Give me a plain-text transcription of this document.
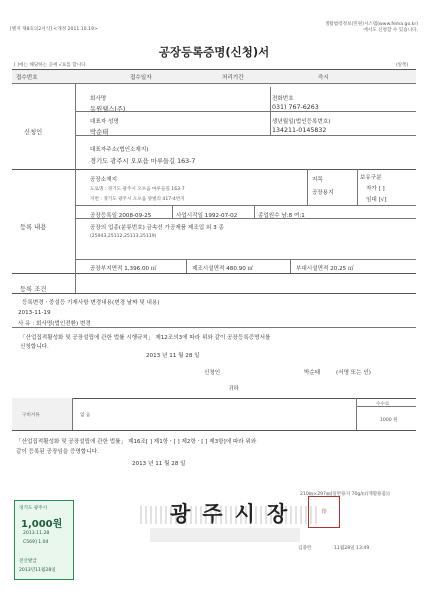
[별지 제8호의2서식] <개정 2011.10.19>
생활법령정보(민원)시스템(www.fema.go.kr)
에서도 신청할 수 있습니다.
공장등록증명(신청)서
[ ]에는 해당하는 곳에 √표를 합니다.	(앞쪽)
접수번호	접수일자	처리기간	즉시
신청인
회사명
동원웰스(주)
전화번호
031) 767-6263
대표자 성명
박순태
생년월일(법인등록번호)
134211-0145832
대표자주소(법인소재지)
경기도 광주시 오포읍 마루들길 163-7
등록 내용
공장소재지
도로명 : 경기도 광주시 오포읍 마루들길 163-7
지번 : 경기도 광주시 오포읍 양벌리 417-4번지
지목
공장용지
보유구분
자가 [ ]
임대 [√]
공장등록일 2008-09-25	사업시작일 1992-07-02	종업원수 남:8 여:1
공장의 업종(분류번호) 금속선 가공제품 제조업 외 3 종
(25943,25112,25113,25119)
공장부지면적 1,396.00 ㎡	제조시설면적 480.90 ㎡	부대시설면적 20.25 ㎡
등록 조건
등록변경ㆍ중설등 기재사항 변경내용(변경 날짜 및 내용)
2013-11-19
사 유 : 회사명(법인전환) 변경
「산업집적활성화 및 공장설립에 관한 법률 시행규칙」 제12조의3에 따라 위와 같이 공장등록증명서를
신청합니다.
2013 년 11 월 28 일
신청인	박순태	(서명 또는 인)
귀하
구비서류	없 음
수수료
1000 원
「산업집적활성화 및 공장설립에 관한 법률」 제16조[ ] 제1항ㆍ[ ] 제2항ㆍ[ ] 제3항]에 따라 위와
같이 등록된 공장임을 증명합니다.
2013 년 11 월 28 일
210㎜×297㎜[일반용지 70g/㎡(재활용품)]
광주시장	印
김종완	11월28일 13:49
경기도 광주시
1,000원
2013.11.28
C569] 1.04
전산발급
2013년11월28일
